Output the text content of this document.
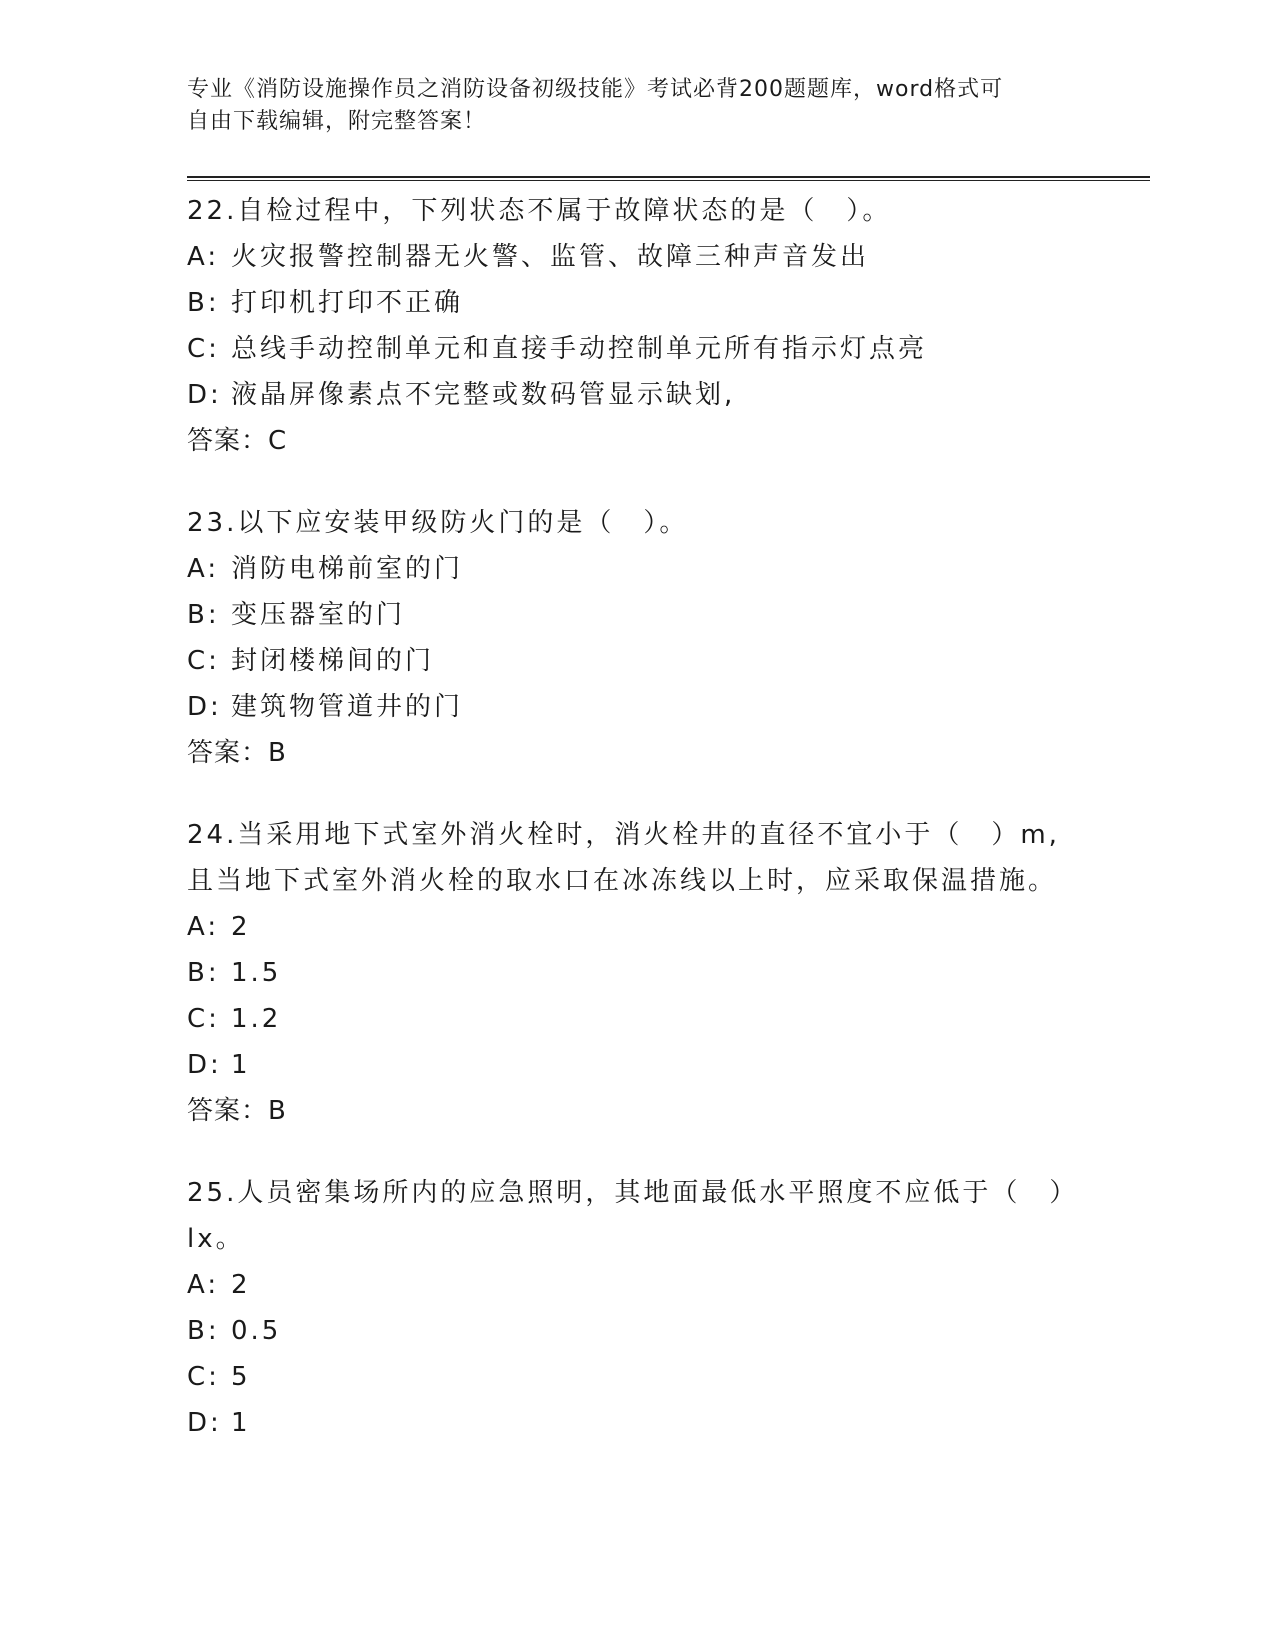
专业《消防设施操作员之消防设备初级技能》考试必背200题题库，word格式可
自由下载编辑，附完整答案！
22.自检过程中，下列状态不属于故障状态的是（　）。
A: 火灾报警控制器无火警、监管、故障三种声音发出
B: 打印机打印不正确
C: 总线手动控制单元和直接手动控制单元所有指示灯点亮
D: 液晶屏像素点不完整或数码管显示缺划,
答案：C
23.以下应安装甲级防火门的是（　）。
A: 消防电梯前室的门
B: 变压器室的门
C: 封闭楼梯间的门
D: 建筑物管道井的门
答案：B
24.当采用地下式室外消火栓时，消火栓井的直径不宜小于（　）m,
且当地下式室外消火栓的取水口在冰冻线以上时，应采取保温措施。
A: 2
B: 1.5
C: 1.2
D: 1
答案：B
25.人员密集场所内的应急照明，其地面最低水平照度不应低于（　）
lx。
A: 2
B: 0.5
C: 5
D: 1
